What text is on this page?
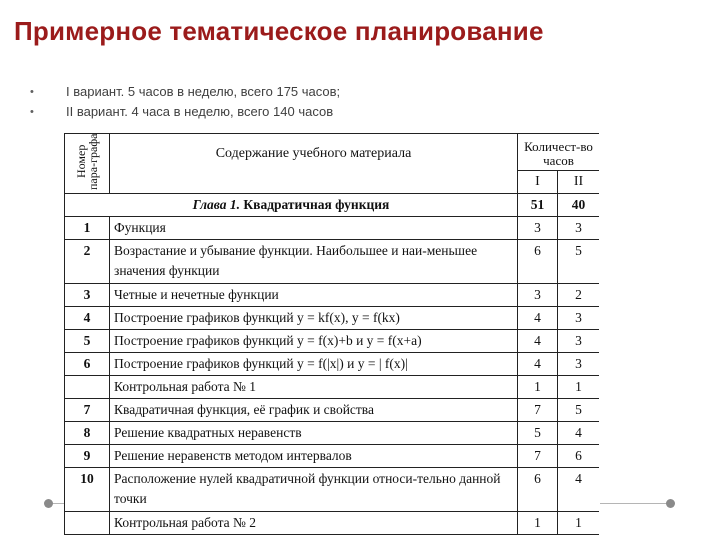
Примерное тематическое планирование
• I вариант. 5 часов в неделю, всего 175 часов;
• II вариант. 4 часа в неделю, всего 140 часов
Номер пара-графа	Содержание учебного материала	Количест-во часов	
		I	II
Глава 1. Квадратичная функция		51	40
1	Функция	3	3
2	Возрастание и убывание функции. Наибольшее и наи-меньшее значения функции	6	5
3	Четные и нечетные функции	3	2
4	Построение графиков функций y = kf(x), y = f(kx)	4	3
5	Построение графиков функций y = f(x)+b и y = f(x+a)	4	3
6	Построение графиков функций y = f(|x|) и y = | f(x)|	4	3
	Контрольная работа № 1	1	1
7	Квадратичная функция, её график и свойства	7	5
8	Решение квадратных неравенств	5	4
9	Решение неравенств методом интервалов	7	6
10	Расположение нулей квадратичной функции относи-тельно данной точки	6	4
	Контрольная работа № 2	1	1
